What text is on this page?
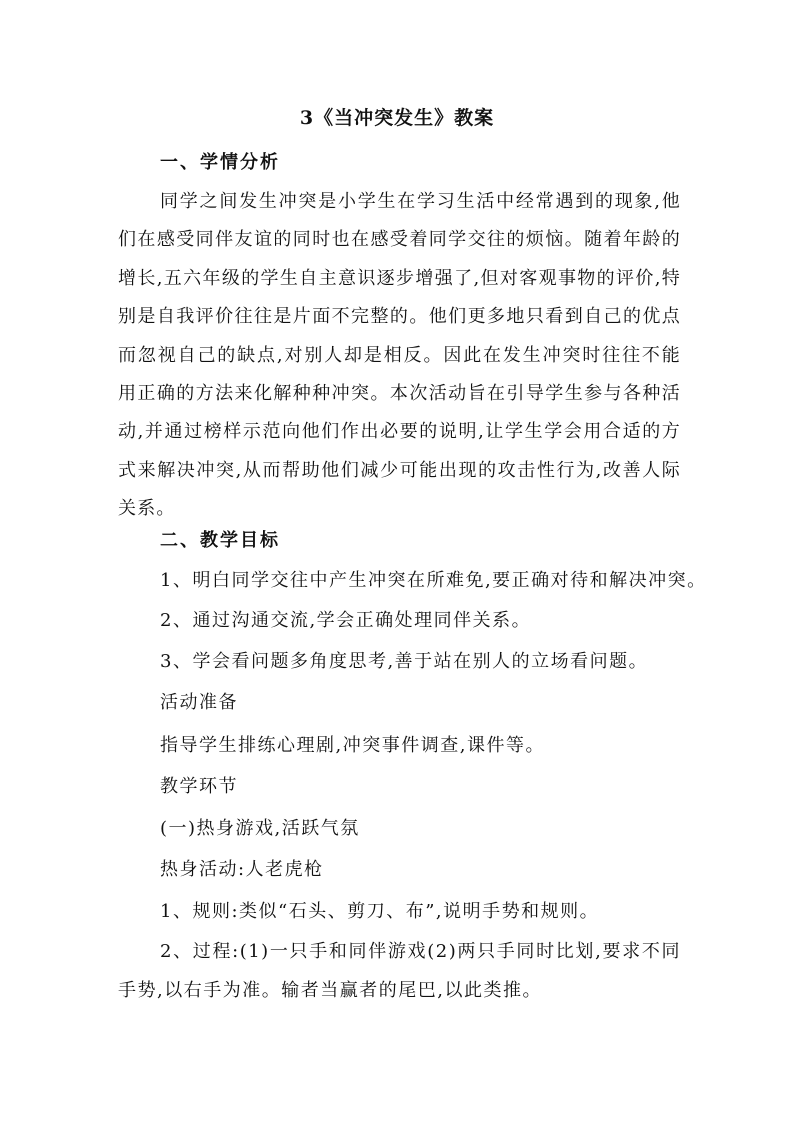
3《当冲突发生》教案
一、学情分析

同学之间发生冲突是小学生在学习生活中经常遇到的现象,他们在感受同伴友谊的同时也在感受着同学交往的烦恼。随着年龄的增长,五六年级的学生自主意识逐步增强了,但对客观事物的评价,特别是自我评价往往是片面不完整的。他们更多地只看到自己的优点而忽视自己的缺点,对别人却是相反。因此在发生冲突时往往不能用正确的方法来化解种种冲突。本次活动旨在引导学生参与各种活动,并通过榜样示范向他们作出必要的说明,让学生学会用合适的方式来解决冲突,从而帮助他们减少可能出现的攻击性行为,改善人际关系。

二、教学目标
1、明白同学交往中产生冲突在所难免,要正确对待和解决冲突。
2、通过沟通交流,学会正确处理同伴关系。
3、学会看问题多角度思考,善于站在别人的立场看问题。
活动准备
指导学生排练心理剧,冲突事件调查,课件等。
教学环节
(一)热身游戏,活跃气氛
热身活动:人老虎枪
1、规则:类似“石头、剪刀、布”,说明手势和规则。
2、过程:(1)一只手和同伴游戏(2)两只手同时比划,要求不同手势,以右手为准。输者当赢者的尾巴,以此类推。
